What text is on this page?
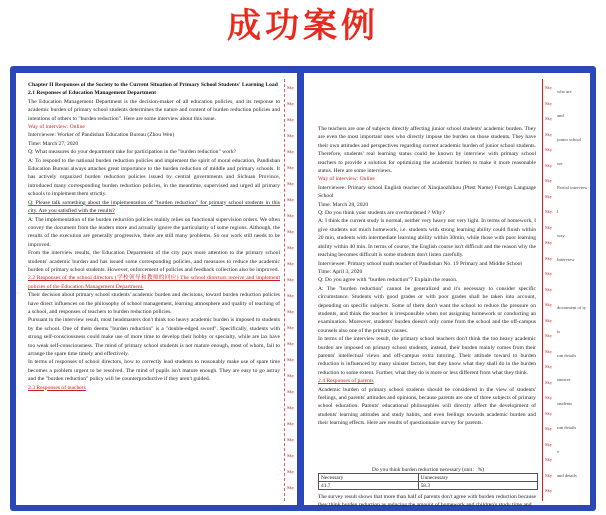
成功案例

Chapter II Responses of the Society to the Current Situation of Primary School Students' Learning Load

2.1 Responses of Education Management Department

The Education Management Department is the decision-maker of all education policies, and its response to academic burden of primary school students determines the nature and content of burden reduction policies and intentions of others to "burden reduction". Here are some interview about this issue.

Way of interview: Online

Interviewee: Worker of Pandishan Education Bureau (Zhou Wen)

Time: March 27, 2020

Q: What measures do your department take for participation in the "burden reduction" work?

A: To respond to the national burden reduction policies and implement the spirit of moral education, Pandishan Education Bureau always attaches great importance to the burden reduction of middle and primary schools. It has actively organized burden reduction policies issued by central governments and Sichuan Province, introduced many corresponding burden reduction policies, in the meantime, supervised and urged all primary schools to implement them strictly.

Q: Please talk something about the implementation of "burden reduction" for primary school students in this city. Are you satisfied with the results?

A: The implementation of the burden reduction policies mainly relies on functional supervision orders. We often convey the document from the leaders more and actually ignore the particularity of some regions. Although, the results of the execution are generally progressive, there are still many problems. So our work still needs to be improved.

From the interview results, the Education Department of the city pays more attention to the primary school students' academic burden and has issued some corresponding policies, and measures to reduce the academic burden of primary school students. However, enforcement of policies and feedback collection also be improved.

2.2 Responses of the school directors (学校领导和教师的回应) The school directors receive and implement policies of the Education Management Department.

Their decision about primary school students' academic burden and decisions, toward burden reduction policies have direct influences on the philosophy of school management, learning atmosphere and quality of teaching of a school, and responses of teachers to burden reduction policies.

Pursuant to the interview result, most headmasters don't think too heavy academic burden is imposed to students by the school. One of them deems "burden reduction" is a "double-edged sword". Specifically, students with strong self-consciousness could make use of more time to develop their hobby or specialty, while are lax have too weak self-consciousness. The mind of primary school students is not mature enough, most of whom, fail to arrange the spare time timely and effectively.

In terms of responses of school directors, how to correctly lead students to reasonably make use of spare time becomes a problem urgent to be resolved. The mind of pupils isn't mature enough. They are easy to go astray and the "burden reduction" policy will be counterproductive if they aren't guided.

2.3 Responses of teachers

Sky
Sky
Sky
Sky
Sky
Sky
Sky
Sky
Sky
Sky
Sky
Sky
Sky
Sky
Sky
Sky
Sky
Sky
Sky
Sky
Sky
Sky
Sky
Sky
Sky
Sky

The teachers are one of subjects directly affecting junior school students' academic burden. They are even the most important ones who directly impose the burden on those students. They have their own attitudes and perspectives regarding current academic burden of junior school students. Therefore, students' real learning status could be known by interview with primary school teachers to provide a solution for optimizing the academic burden to make it more reasonable status. Here are some interviews.

Way of interview: Online

Interviewee: Primary school English teacher of Xinqiaozhihou (Ptest Name) Foreign Language School

Time: March 28, 2020

Q: Do you think your students are overburdened ? Why?

A: I think the current study is normal, neither very heavy nor very light. In terms of homework, I give students not much homework, i.e. students with strong learning ability could finish within 20 min, students with intermediate learning ability within 30min, while those with poor learning ability within 40 min. In terms of course, the English course isn't difficult and the reason why the teaching becomes difficult is some students don't listen carefully.

Interviewee: Primary school math teacher of Pandishan No. 19 Primary and Middle School

Time: April 3, 2020

Q: Do you agree with "burden reduction"? Explain the reason.

A: The "burden reduction" cannot be generalized and it's necessary to consider specific circumstance. Students with good grades or with poor grades shall be taken into account, depending on specific subjects. Some of them don't want the school to reduce the pressure on students, and think the teacher is irresponsible when not assigning homework or conducting an examination. Moreover, students' burden doesn't only come from the school and the off-campus counsels also one of the primary causes.

In terms of the interview result, the primary school teachers don't think the too heavy academic burden are imposed on primary school students, instead, their burden mainly comes from their parents' intellectual views and off-campus extra tutoring. Their attitude toward to burden reduction is influenced by many sinister factors, but they know what they shall do in the burden reduction to some extent. Further, what they do is more or less different from what they think.

2.4 Responses of parents

Academic burden of primary school students should be considered in the view of students' feelings, and parents' attitudes and opinions, because parents are one of three subjects of primary school education. Parents' educational philosophies will directly affect the development of students' learning attitudes and study habits, and even feelings towards academic burden and their learning effects. Here are results of questionnaire survey for parents.

Do you think burden reduction necessary (unit：%)
Necessary	Unnecessary
41.7	58.3

The survey result shows that more than half of parents don't agree with burden reduction because they think burden reduction as reducing the amount of homework and children's study time and

Sky
Sky
Sky
Sky
Sky
Sky
Sky
Sky
Sky
Sky
Sky
Sky
Sky
Sky
Sky
Sky
Sky
Sky
Sky
Sky
Sky
Sky
Sky
Sky
Sky
Sky
Sky
who are
and
junior school
we
Partial interview
I
way
Interview
docarment of ty
is
run details
sinister
students
run details
e
and details
